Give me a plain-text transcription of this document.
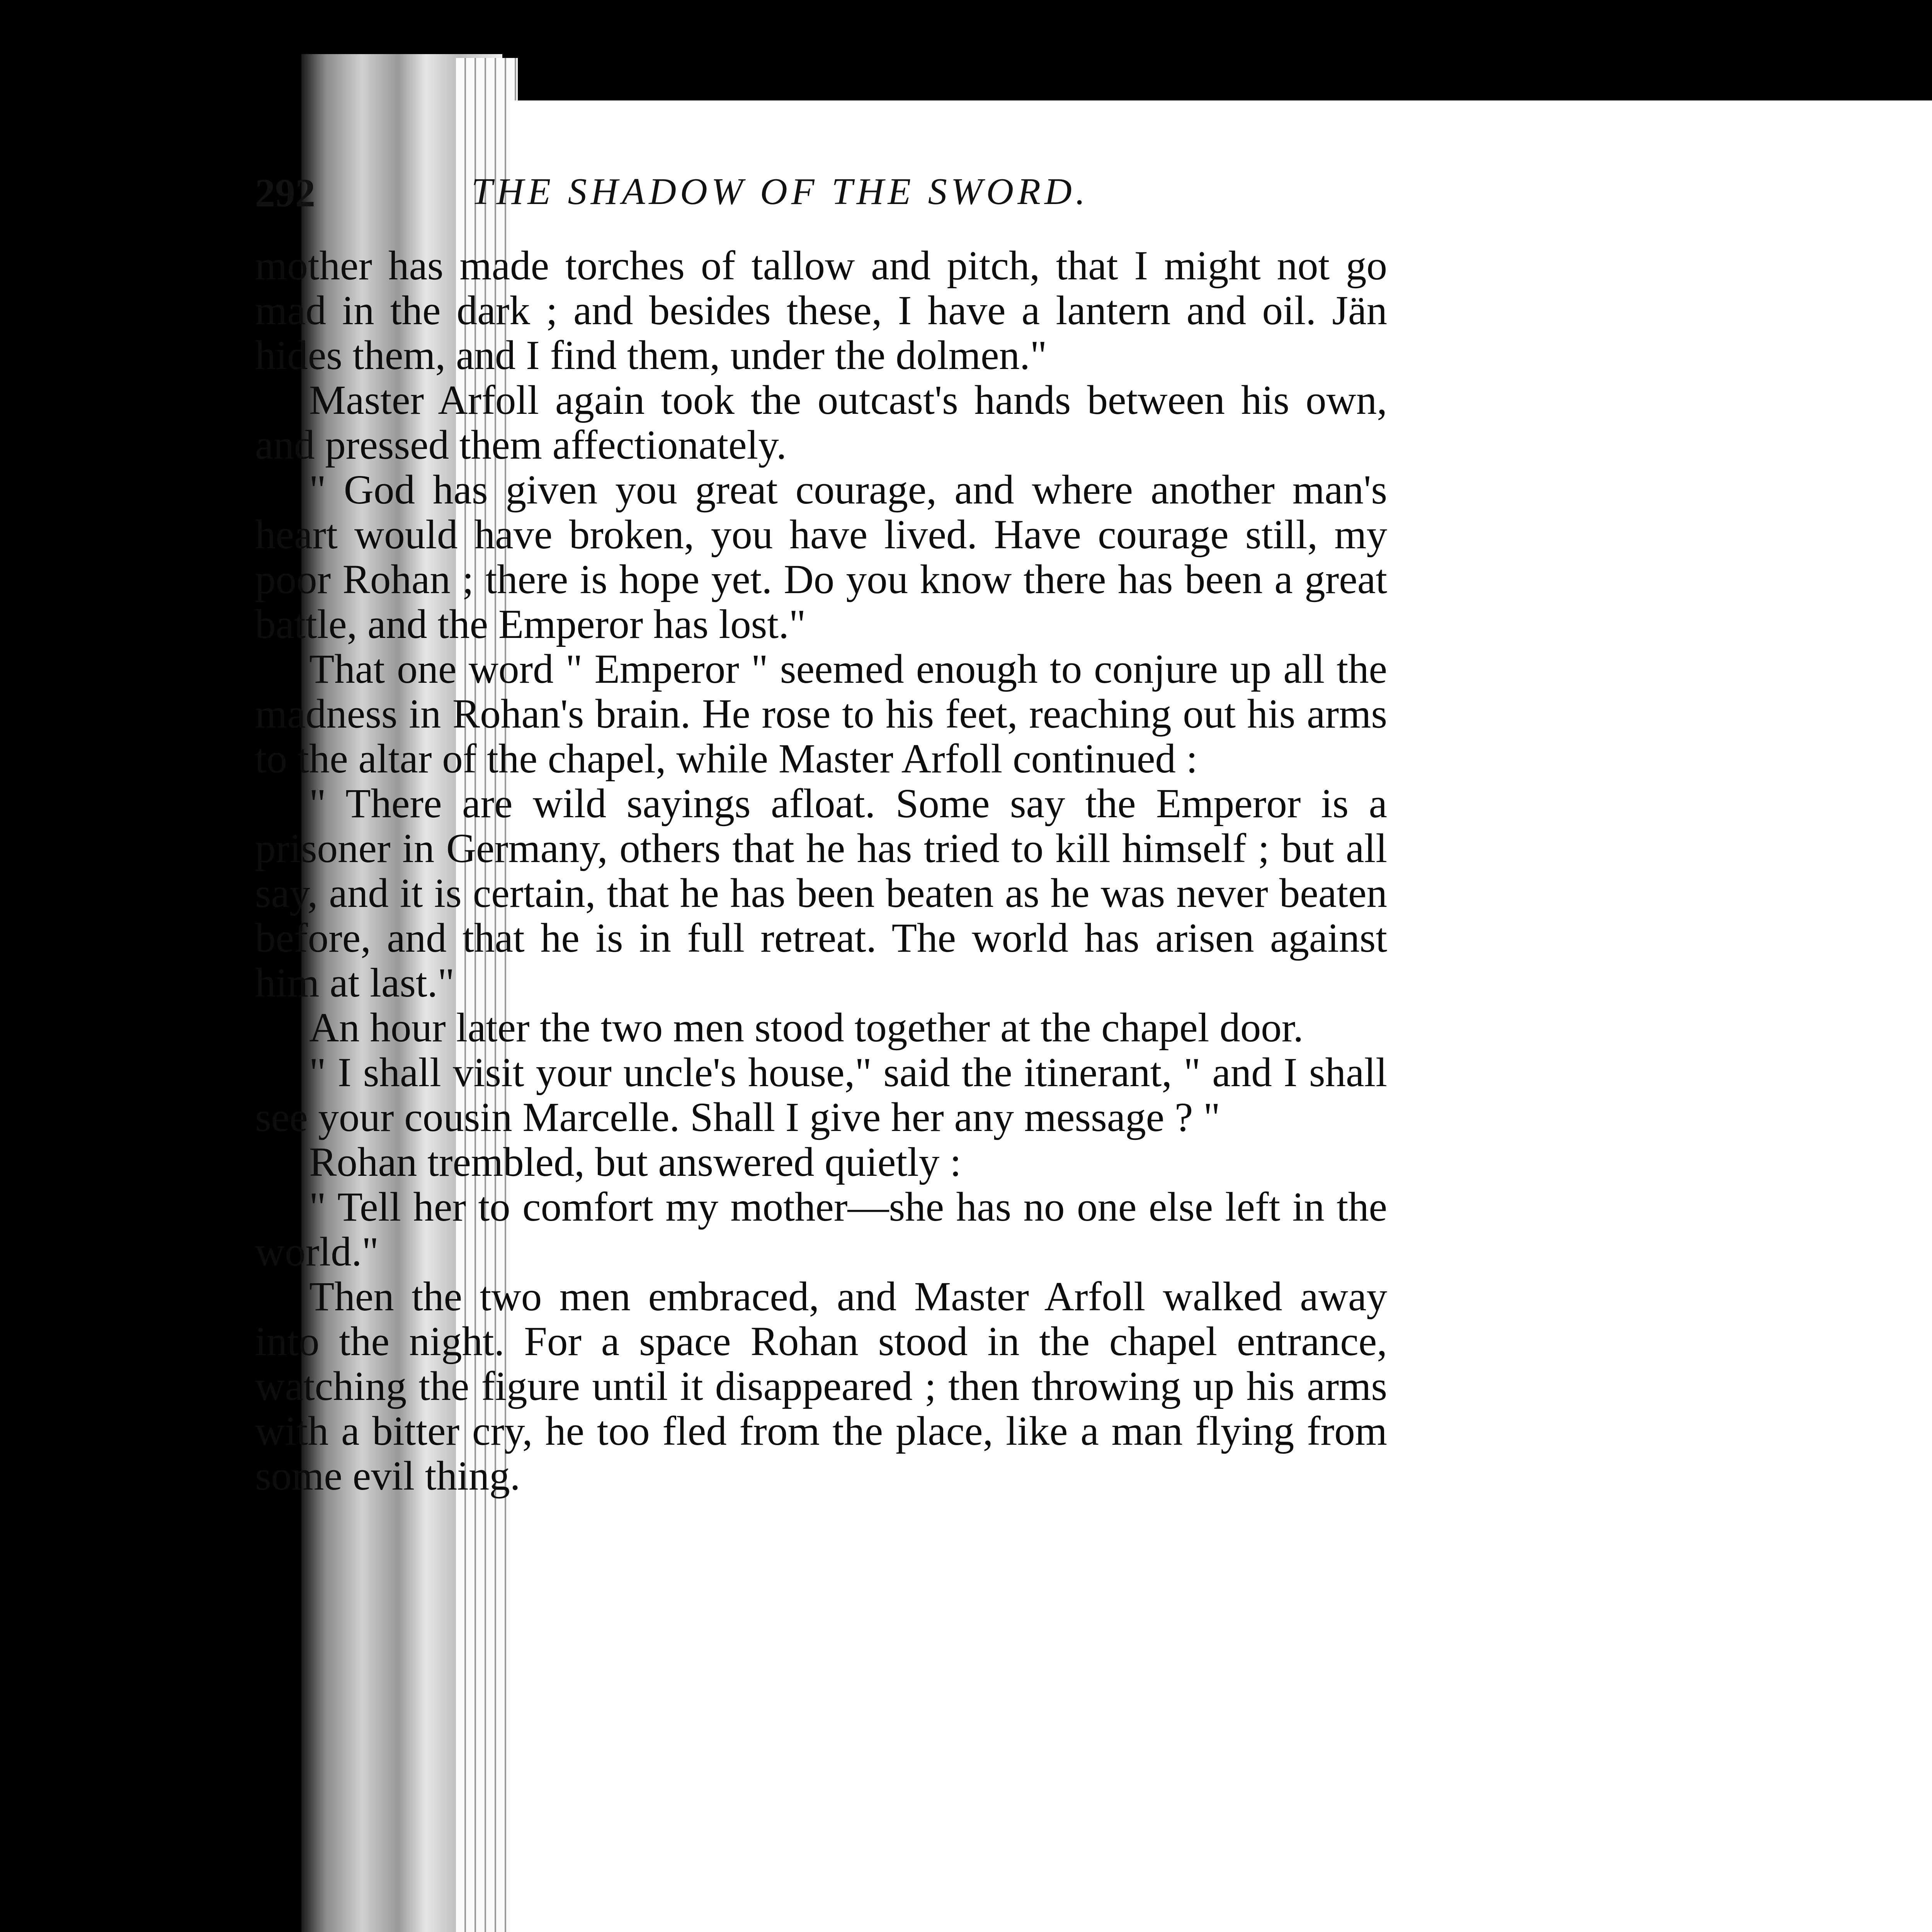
292	THE SHADOW OF THE SWORD.

mother has made torches of tallow and pitch, that I might not go mad in the dark ; and besides these, I have a lantern and oil. Jän hides them, and I find them, under the dolmen."

Master Arfoll again took the outcast's hands between his own, and pressed them affectionately.

" God has given you great courage, and where another man's heart would have broken, you have lived. Have courage still, my poor Rohan ; there is hope yet. Do you know there has been a great battle, and the Emperor has lost."

That one word " Emperor " seemed enough to conjure up all the madness in Rohan's brain. He rose to his feet, reaching out his arms to the altar of the chapel, while Master Arfoll continued :

" There are wild sayings afloat. Some say the Emperor is a prisoner in Germany, others that he has tried to kill himself ; but all say, and it is certain, that he has been beaten as he was never beaten before, and that he is in full retreat. The world has arisen against him at last."

An hour later the two men stood together at the chapel door.

" I shall visit your uncle's house," said the itinerant, " and I shall see your cousin Marcelle. Shall I give her any message ? "

Rohan trembled, but answered quietly :

" Tell her to comfort my mother—she has no one else left in the world."

Then the two men embraced, and Master Arfoll walked away into the night. For a space Rohan stood in the chapel entrance, watching the figure until it disappeared ; then throwing up his arms with a bitter cry, he too fled from the place, like a man flying from some evil thing.
